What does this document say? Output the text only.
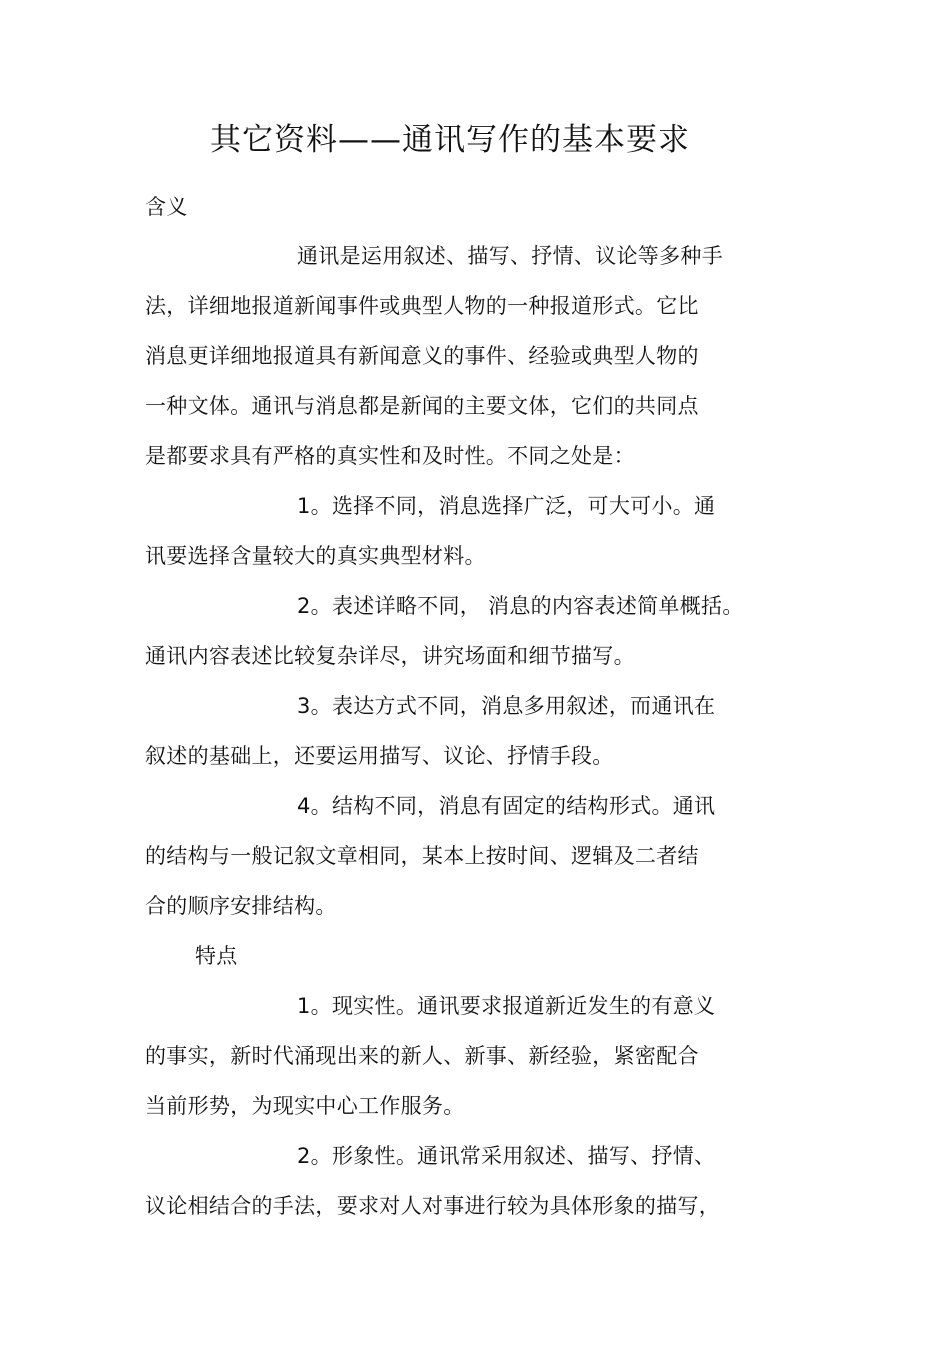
其它资料——通讯写作的基本要求
含义
通讯是运用叙述、描写、抒情、议论等多种手
法，详细地报道新闻事件或典型人物的一种报道形式。它比
消息更详细地报道具有新闻意义的事件、经验或典型人物的
一种文体。通讯与消息都是新闻的主要文体，它们的共同点
是都要求具有严格的真实性和及时性。不同之处是：
1。选择不同，消息选择广泛，可大可小。通
讯要选择含量较大的真实典型材料。
2。表述详略不同， 消息的内容表述简单概括。
通讯内容表述比较复杂详尽，讲究场面和细节描写。
3。表达方式不同，消息多用叙述，而通讯在
叙述的基础上，还要运用描写、议论、抒情手段。
4。结构不同，消息有固定的结构形式。通讯
的结构与一般记叙文章相同，某本上按时间、逻辑及二者结
合的顺序安排结构。
特点
1。现实性。通讯要求报道新近发生的有意义
的事实，新时代涌现出来的新人、新事、新经验，紧密配合
当前形势，为现实中心工作服务。
2。形象性。通讯常采用叙述、描写、抒情、
议论相结合的手法，要求对人对事进行较为具体形象的描写，
